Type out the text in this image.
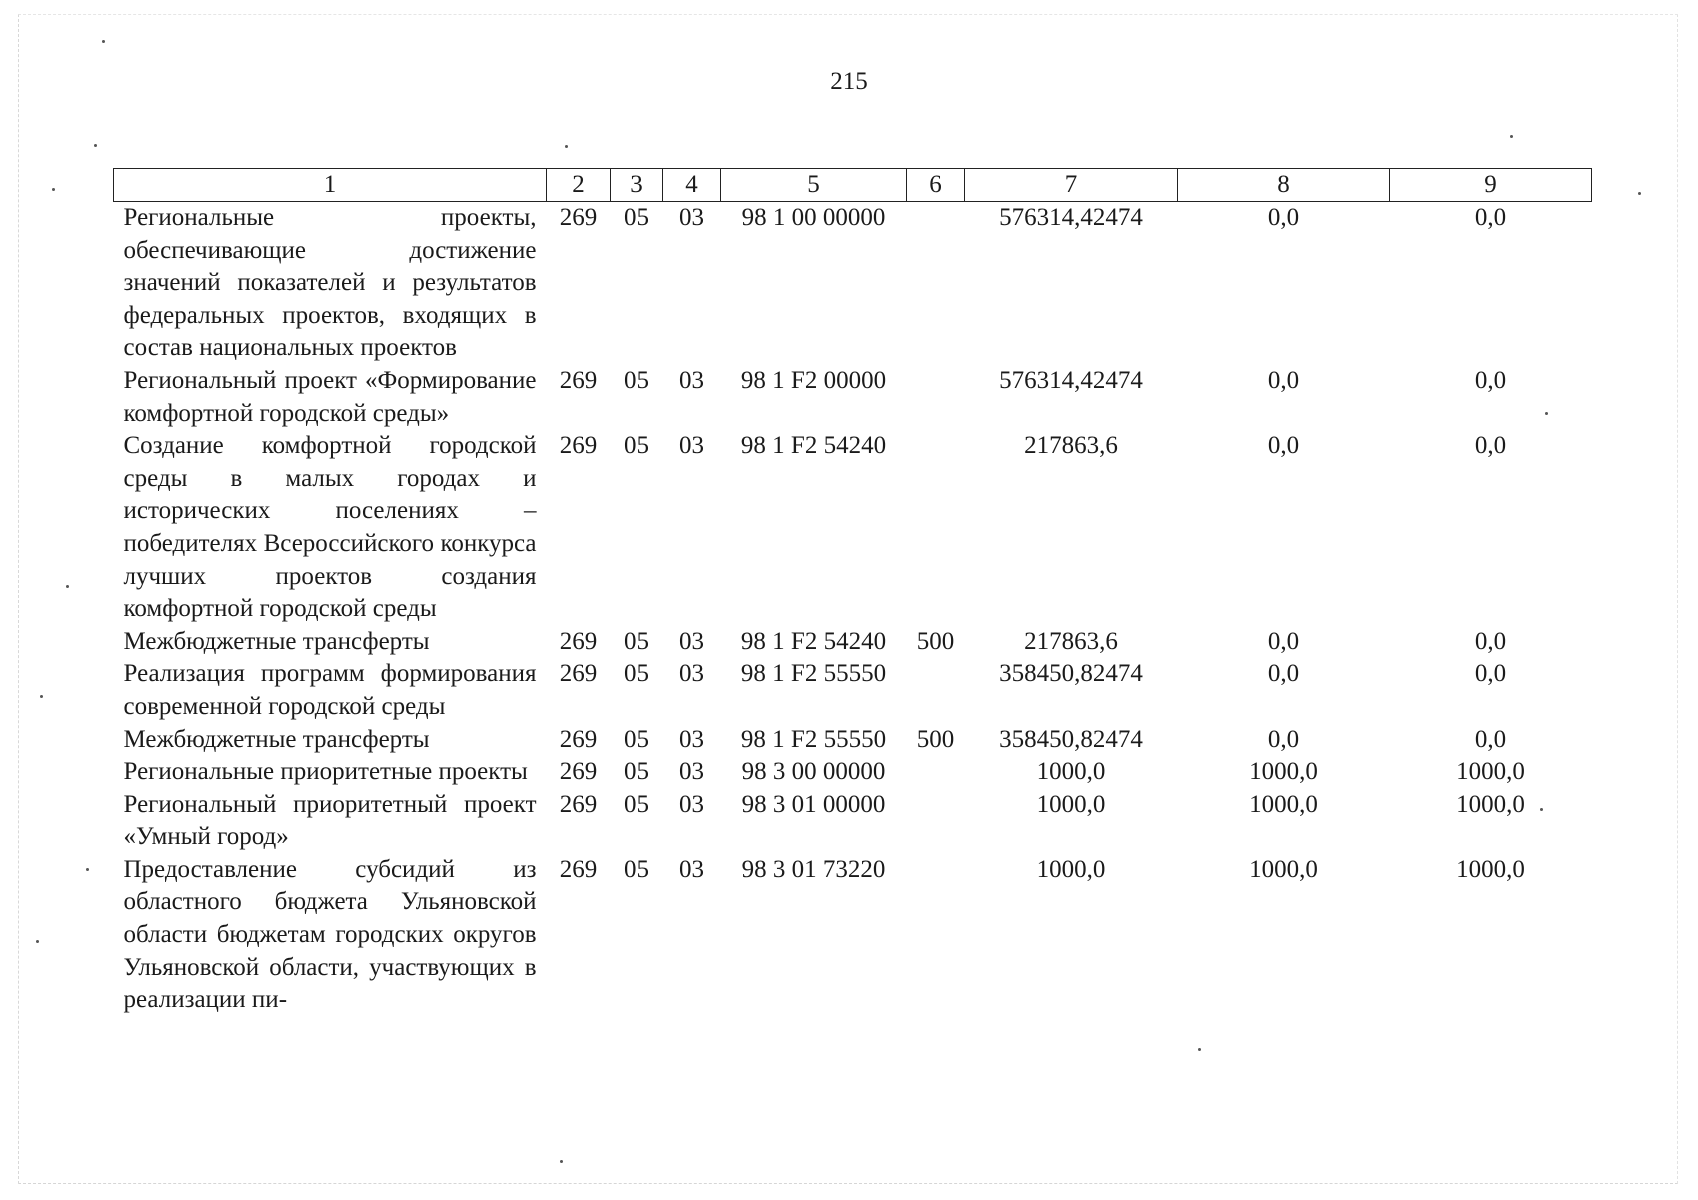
215
1	2	3	4	5	6	7	8	9
Региональные проекты, обеспечивающие достижение значений показателей и результатов федеральных проектов, входящих в состав национальных проектов	269	05	03	98 1 00 00000		576314,42474	0,0	0,0
Региональный проект «Формирование комфортной городской среды»	269	05	03	98 1 F2 00000		576314,42474	0,0	0,0
Создание комфортной городской среды в малых городах и исторических поселениях – победителях Всероссийского конкурса лучших проектов создания комфортной городской среды	269	05	03	98 1 F2 54240		217863,6	0,0	0,0
Межбюджетные трансферты	269	05	03	98 1 F2 54240	500	217863,6	0,0	0,0
Реализация программ формирования современной городской среды	269	05	03	98 1 F2 55550		358450,82474	0,0	0,0
Межбюджетные трансферты	269	05	03	98 1 F2 55550	500	358450,82474	0,0	0,0
Региональные приоритетные проекты	269	05	03	98 3 00 00000		1000,0	1000,0	1000,0
Региональный приоритетный проект «Умный город»	269	05	03	98 3 01 00000		1000,0	1000,0	1000,0
Предоставление субсидий из областного бюджета Ульяновской области бюджетам городских округов Ульяновской области, участвующих в реализации пи-	269	05	03	98 3 01 73220		1000,0	1000,0	1000,0
